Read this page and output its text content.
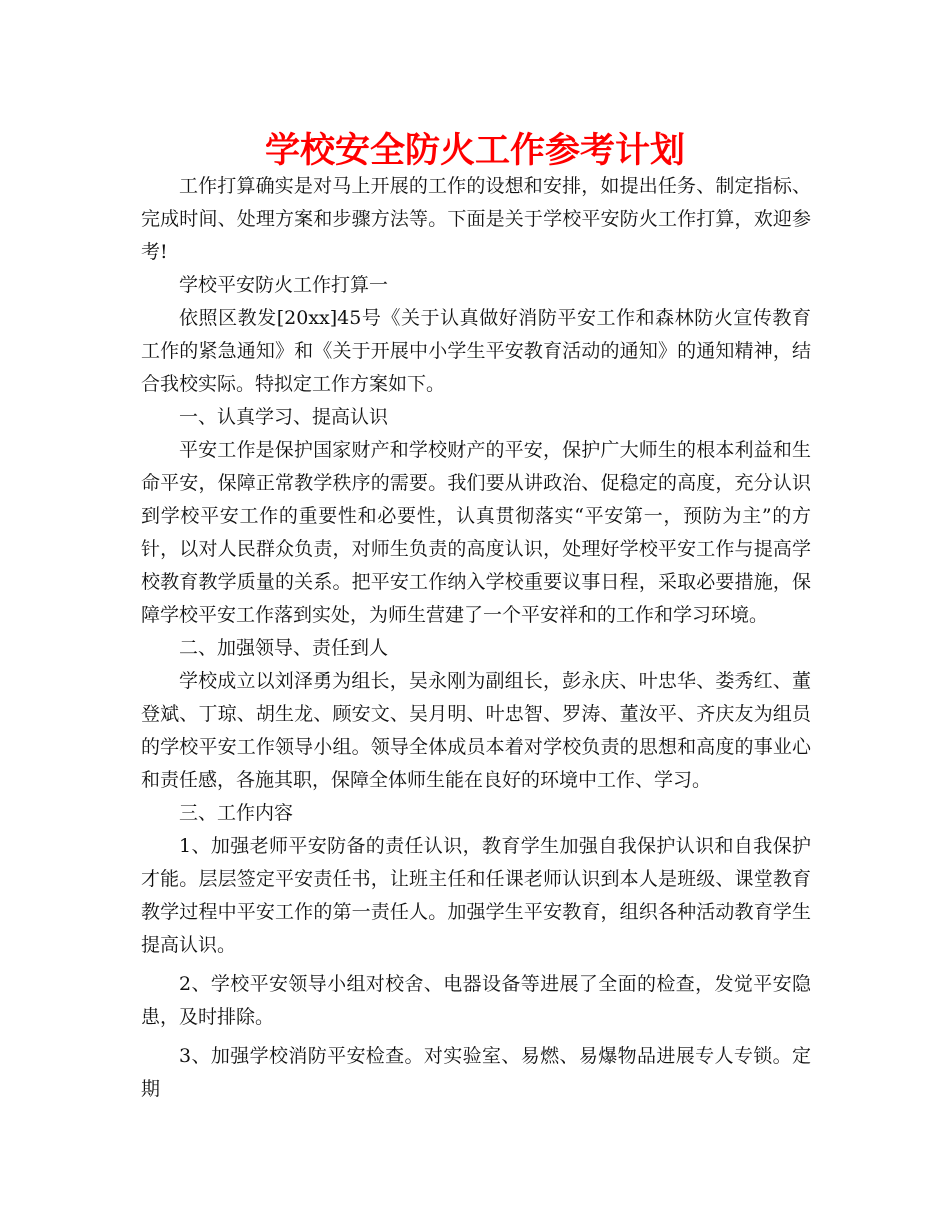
学校安全防火工作参考计划

工作打算确实是对马上开展的工作的设想和安排，如提出任务、制定指标、完成时间、处理方案和步骤方法等。下面是关于学校平安防火工作打算，欢迎参考!

学校平安防火工作打算一

依照区教发[20xx]45号《关于认真做好消防平安工作和森林防火宣传教育工作的紧急通知》和《关于开展中小学生平安教育活动的通知》的通知精神，结合我校实际。特拟定工作方案如下。

一、认真学习、提高认识

平安工作是保护国家财产和学校财产的平安，保护广大师生的根本利益和生命平安，保障正常教学秩序的需要。我们要从讲政治、促稳定的高度，充分认识到学校平安工作的重要性和必要性，认真贯彻落实“平安第一，预防为主”的方针，以对人民群众负责，对师生负责的高度认识，处理好学校平安工作与提高学校教育教学质量的关系。把平安工作纳入学校重要议事日程，采取必要措施，保障学校平安工作落到实处，为师生营建了一个平安祥和的工作和学习环境。

二、加强领导、责任到人

学校成立以刘泽勇为组长，吴永刚为副组长，彭永庆、叶忠华、娄秀红、董登斌、丁琼、胡生龙、顾安文、吴月明、叶忠智、罗涛、董汝平、齐庆友为组员的学校平安工作领导小组。领导全体成员本着对学校负责的思想和高度的事业心和责任感，各施其职，保障全体师生能在良好的环境中工作、学习。

三、工作内容

1、加强老师平安防备的责任认识，教育学生加强自我保护认识和自我保护才能。层层签定平安责任书，让班主任和任课老师认识到本人是班级、课堂教育教学过程中平安工作的第一责任人。加强学生平安教育，组织各种活动教育学生提高认识。

2、学校平安领导小组对校舍、电器设备等进展了全面的检查，发觉平安隐患，及时排除。

3、加强学校消防平安检查。对实验室、易燃、易爆物品进展专人专锁。定期
